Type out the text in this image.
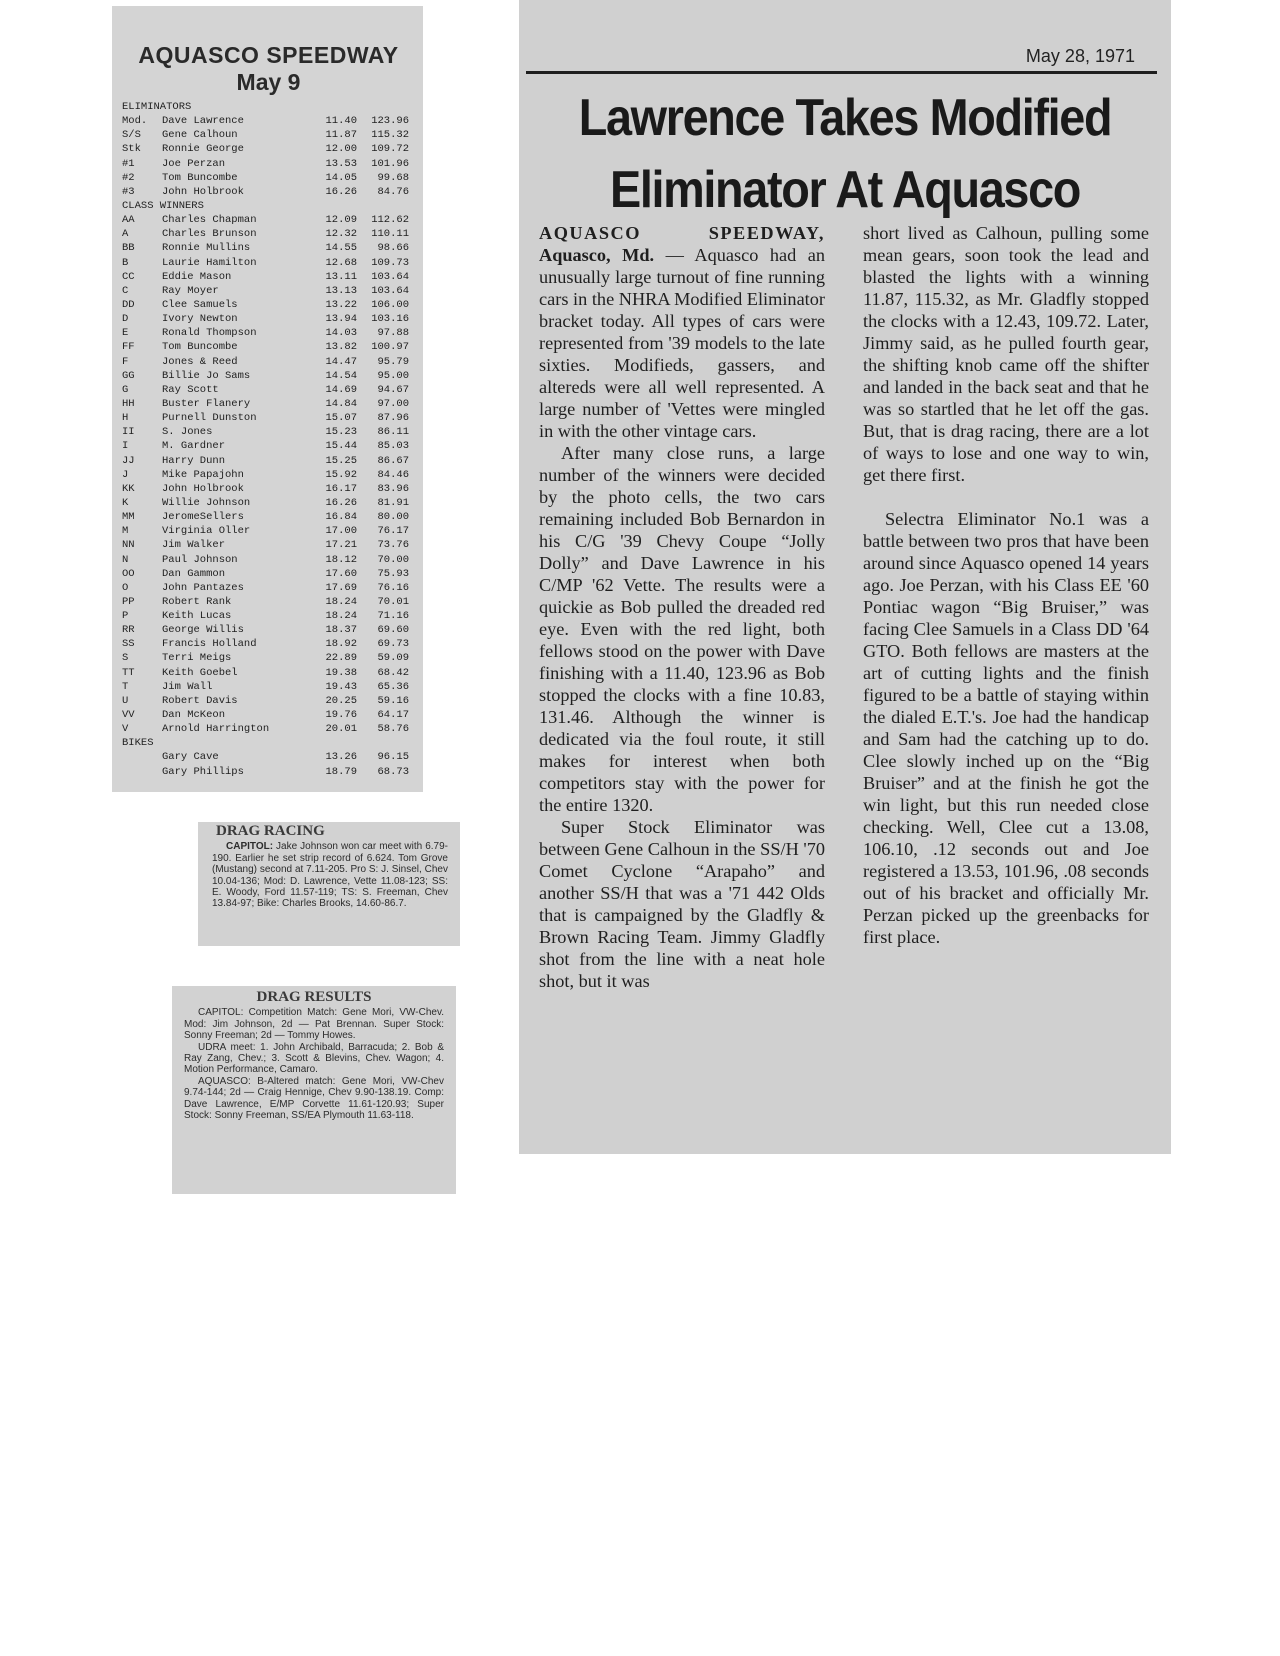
AQUASCO SPEEDWAY
May 9
ELIMINATORS
Mod.	Dave Lawrence	11.40	123.96
S/S	Gene Calhoun	11.87	115.32
Stk	Ronnie George	12.00	109.72
#1	Joe Perzan	13.53	101.96
#2	Tom Buncombe	14.05	99.68
#3	John Holbrook	16.26	84.76
CLASS WINNERS
AA	Charles Chapman	12.09	112.62
A	Charles Brunson	12.32	110.11
BB	Ronnie Mullins	14.55	98.66
B	Laurie Hamilton	12.68	109.73
CC	Eddie Mason	13.11	103.64
C	Ray Moyer	13.13	103.64
DD	Clee Samuels	13.22	106.00
D	Ivory Newton	13.94	103.16
E	Ronald Thompson	14.03	97.88
FF	Tom Buncombe	13.82	100.97
F	Jones & Reed	14.47	95.79
GG	Billie Jo Sams	14.54	95.00
G	Ray Scott	14.69	94.67
HH	Buster Flanery	14.84	97.00
H	Purnell Dunston	15.07	87.96
II	S. Jones	15.23	86.11
I	M. Gardner	15.44	85.03
JJ	Harry Dunn	15.25	86.67
J	Mike Papajohn	15.92	84.46
KK	John Holbrook	16.17	83.96
K	Willie Johnson	16.26	81.91
MM	JeromeSellers	16.84	80.00
M	Virginia Oller	17.00	76.17
NN	Jim Walker	17.21	73.76
N	Paul Johnson	18.12	70.00
OO	Dan Gammon	17.60	75.93
O	John Pantazes	17.69	76.16
PP	Robert Rank	18.24	70.01
P	Keith Lucas	18.24	71.16
RR	George Willis	18.37	69.60
SS	Francis Holland	18.92	69.73
S	Terri Meigs	22.89	59.09
TT	Keith Goebel	19.38	68.42
T	Jim Wall	19.43	65.36
U	Robert Davis	20.25	59.16
VV	Dan McKeon	19.76	64.17
V	Arnold Harrington	20.01	58.76
BIKES
Gary Cave	13.26	96.15
Gary Phillips	18.79	68.73
DRAG RACING

CAPITOL: Jake Johnson won car meet with 6.79-190. Earlier he set strip record of 6.624. Tom Grove (Mustang) second at 7.11-205. Pro S: J. Sinsel, Chev 10.04-136; Mod: D. Lawrence, Vette 11.08-123; SS: E. Woody, Ford 11.57-119; TS: S. Freeman, Chev 13.84-97; Bike: Charles Brooks, 14.60-86.7.

DRAG RESULTS

CAPITOL: Competition Match: Gene Mori, VW-Chev. Mod: Jim Johnson, 2d — Pat Brennan. Super Stock: Sonny Freeman; 2d — Tommy Howes.

UDRA meet: 1. John Archibald, Barracuda; 2. Bob & Ray Zang, Chev.; 3. Scott & Blevins, Chev. Wagon; 4. Motion Performance, Camaro.

AQUASCO: B-Altered match: Gene Mori, VW-Chev 9.74-144; 2d — Craig Hennige, Chev 9.90-138.19. Comp: Dave Lawrence, E/MP Corvette 11.61-120.93; Super Stock: Sonny Freeman, SS/EA Plymouth 11.63-118.

May 28, 1971
Lawrence Takes Modified
Eliminator At Aquasco

AQUASCO SPEEDWAY, Aquasco, Md. — Aquasco had an unusually large turnout of fine running cars in the NHRA Modified Eliminator bracket today. All types of cars were represented from '39 models to the late sixties. Modifieds, gassers, and altereds were all well represented. A large number of 'Vettes were mingled in with the other vintage cars.

After many close runs, a large number of the winners were decided by the photo cells, the two cars remaining included Bob Bernardon in his C/G '39 Chevy Coupe “Jolly Dolly” and Dave Lawrence in his C/MP '62 Vette. The results were a quickie as Bob pulled the dreaded red eye. Even with the red light, both fellows stood on the power with Dave finishing with a 11.40, 123.96 as Bob stopped the clocks with a fine 10.83, 131.46. Although the winner is dedicated via the foul route, it still makes for interest when both competitors stay with the power for the entire 1320.

Super Stock Eliminator was between Gene Calhoun in the SS/H '70 Comet Cyclone “Arapaho” and another SS/H that was a '71 442 Olds that is campaigned by the Gladfly & Brown Racing Team. Jimmy Gladfly shot from the line with a neat hole shot, but it was

short lived as Calhoun, pulling some mean gears, soon took the lead and blasted the lights with a winning 11.87, 115.32, as Mr. Gladfly stopped the clocks with a 12.43, 109.72. Later, Jimmy said, as he pulled fourth gear, the shifting knob came off the shifter and landed in the back seat and that he was so startled that he let off the gas. But, that is drag racing, there are a lot of ways to lose and one way to win, get there first.

Selectra Eliminator No.1 was a battle between two pros that have been around since Aquasco opened 14 years ago. Joe Perzan, with his Class EE '60 Pontiac wagon “Big Bruiser,” was facing Clee Samuels in a Class DD '64 GTO. Both fellows are masters at the art of cutting lights and the finish figured to be a battle of staying within the dialed E.T.'s. Joe had the handicap and Sam had the catching up to do. Clee slowly inched up on the “Big Bruiser” and at the finish he got the win light, but this run needed close checking. Well, Clee cut a 13.08, 106.10, .12 seconds out and Joe registered a 13.53, 101.96, .08 seconds out of his bracket and officially Mr. Perzan picked up the greenbacks for first place.
